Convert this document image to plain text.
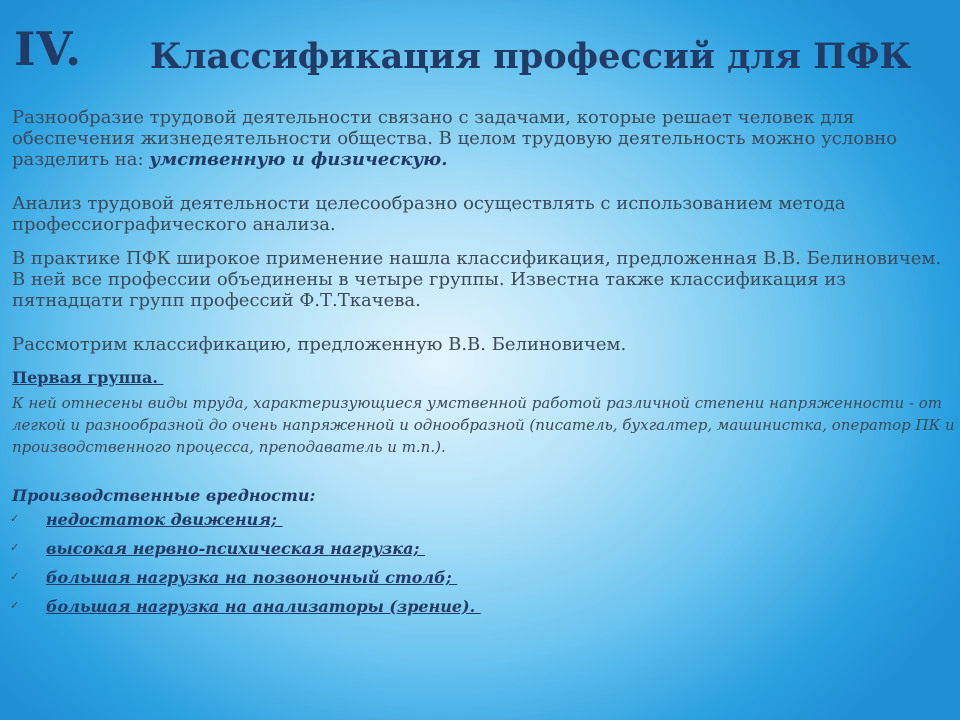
IV. Классификация профессий для ПФК
Разнообразие трудовой деятельности связано с задачами, которые решает человек для обеспечения жизнедеятельности общества. В целом трудовую деятельность можно условно разделить на: умственную и физическую.
Анализ трудовой деятельности целесообразно осуществлять с использованием метода профессиографического анализа.
В практике ПФК широкое применение нашла классификация, предложенная В.В. Белиновичем. В ней все профессии объединены в четыре группы. Известна также классификация из пятнадцати групп профессий Ф.Т.Ткачева.
Рассмотрим классификацию, предложенную В.В. Белиновичем.
Первая группа.
К ней отнесены виды труда, характеризующиеся умственной работой различной степени напряженности - от легкой и разнообразной до очень напряженной и однообразной (писатель, бухгалтер, машинистка, оператор ПК и производственного процесса, преподаватель и т.п.).
Производственные вредности:
✓ недостаток движения;
✓ высокая нервно-психическая нагрузка;
✓ большая нагрузка на позвоночный столб;
✓ большая нагрузка на анализаторы (зрение).
